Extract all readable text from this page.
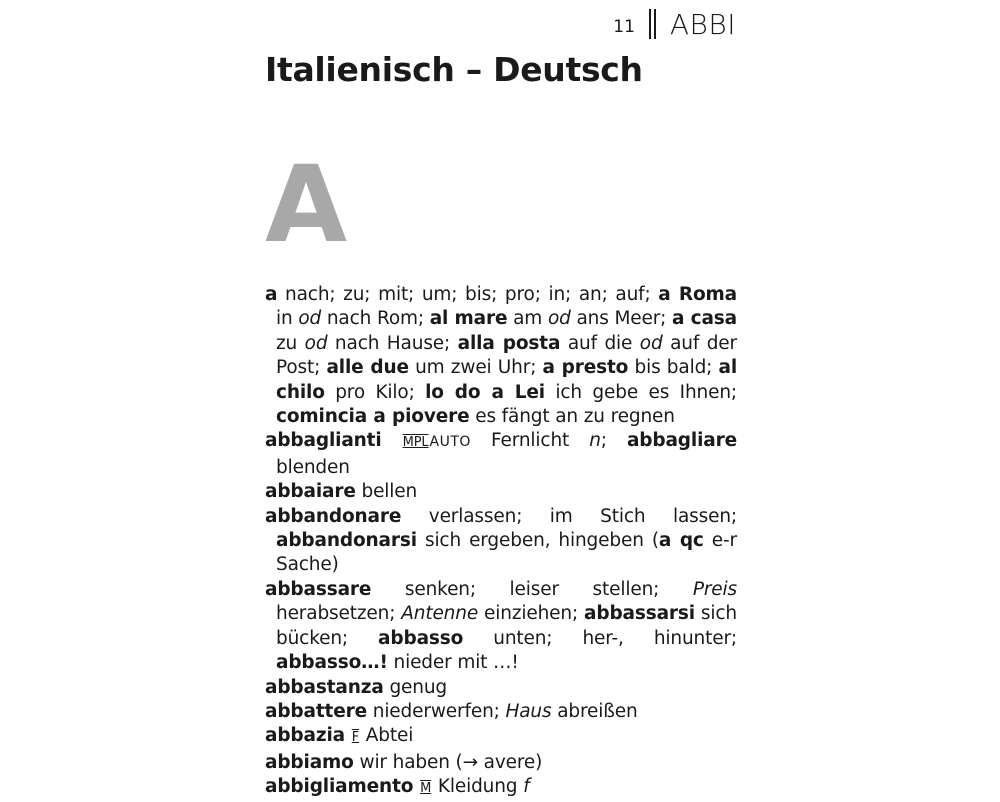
11 ABBI
Italienisch – Deutsch
A
a nach; zu; mit; um; bis; pro; in; an; auf; a Roma in od nach Rom; al mare am od ans Meer; a casa zu od nach Hause; alla posta auf die od auf der Post; alle due um zwei Uhr; a presto bis bald; al chilo pro Kilo; lo do a Lei ich gebe es Ihnen; comincia a piovere es fängt an zu regnen
abbaglianti MPLAUTO Fernlicht n; abbagliare blenden
abbaiare bellen
abbandonare verlassen; im Stich lassen; abbandonarsi sich ergeben, hingeben (a qc e-r Sache)
abbassare senken; leiser stellen; Preis herabsetzen; Antenne einziehen; abbassarsi sich bücken; abbasso unten; her-, hinunter; abbasso…! nieder mit …!
abbastanza genug
abbattere niederwerfen; Haus abreißen
abbazia F Abtei
abbiamo wir haben (→ avere)
abbigliamento M Kleidung f
